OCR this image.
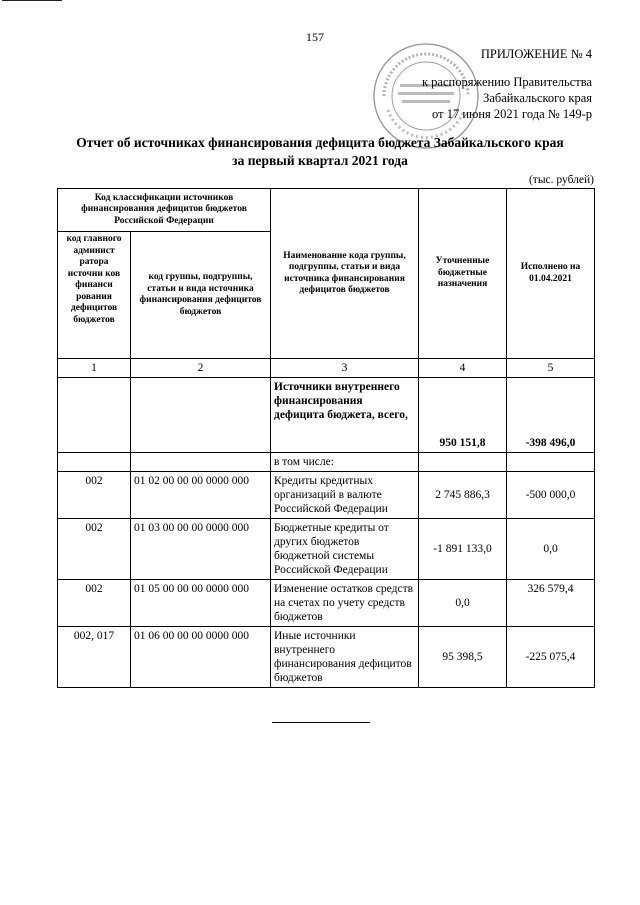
157
ПРИЛОЖЕНИЕ № 4
к распоряжению Правительства
Забайкальского края
от 17 июня 2021 года № 149-р
Отчет об источниках финансирования дефицита бюджета Забайкальского края
за первый квартал 2021 года
(тыс. рублей)
Код классификации источников финансирования дефицитов бюджетов Российской Федерации		Наименование кода группы, подгруппы, статьи и вида источника финансирования дефицитов бюджетов	Уточненные бюджетные назначения	Исполнено на 01.04.2021
код главного админист ратора источни ков финанси рования дефицитов бюджетов	код группы, подгруппы, статьи и вида источника финансирования дефицитов бюджетов			
1	2	3	4	5
		Источники внутреннего финансирования дефицита бюджета, всего,	950 151,8	-398 496,0
		в том числе:		
002	01 02 00 00 00 0000 000	Кредиты кредитных организаций в валюте Российской Федерации	2 745 886,3	-500 000,0
002	01 03 00 00 00 0000 000	Бюджетные кредиты от других бюджетов бюджетной системы Российской Федерации	-1 891 133,0	0,0
002	01 05 00 00 00 0000 000	Изменение остатков средств на счетах по учету средств бюджетов	0,0	326 579,4
002, 017	01 06 00 00 00 0000 000	Иные источники внутреннего финансирования дефицитов бюджетов	95 398,5	-225 075,4
